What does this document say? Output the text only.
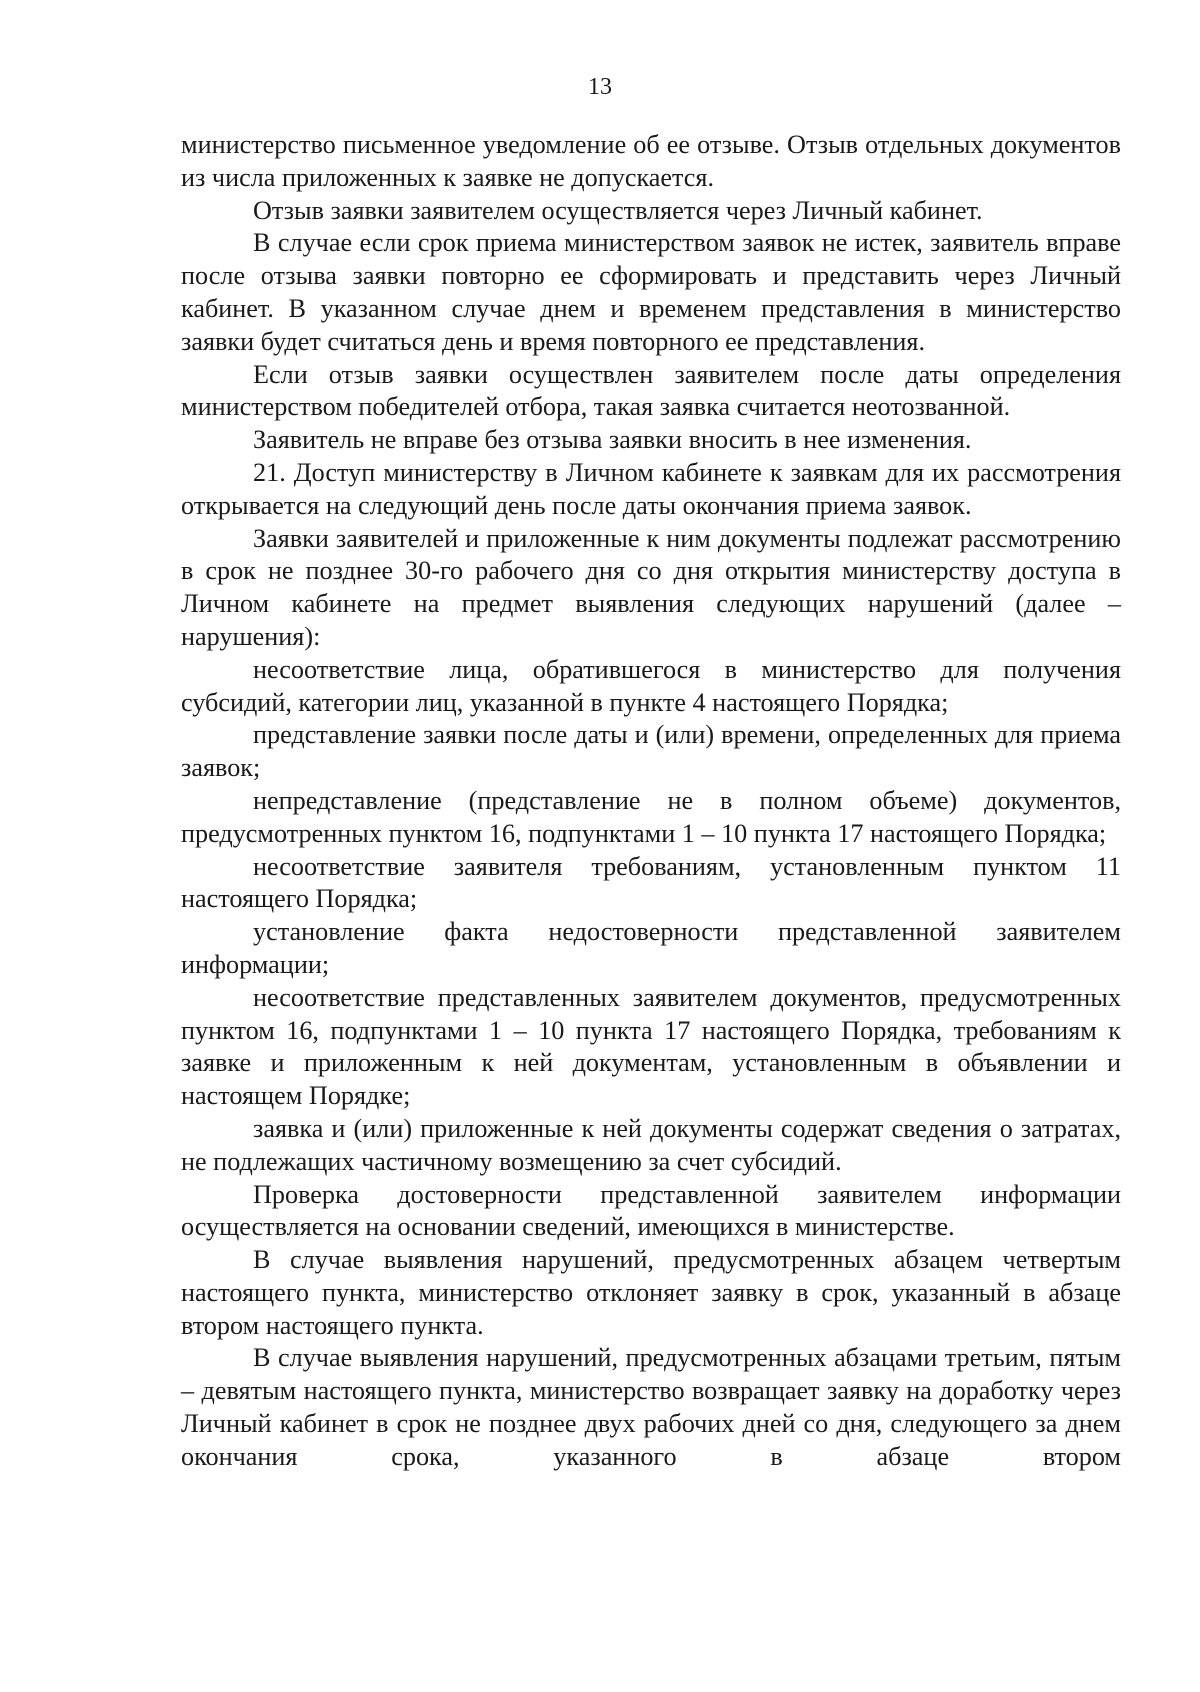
13

министерство письменное уведомление об ее отзыве. Отзыв отдельных документов из числа приложенных к заявке не допускается.

Отзыв заявки заявителем осуществляется через Личный кабинет.

В случае если срок приема министерством заявок не истек, заявитель вправе после отзыва заявки повторно ее сформировать и представить через Личный кабинет. В указанном случае днем и временем представления в министерство заявки будет считаться день и время повторного ее представления.

Если отзыв заявки осуществлен заявителем после даты определения министерством победителей отбора, такая заявка считается неотозванной.

Заявитель не вправе без отзыва заявки вносить в нее изменения.

21. Доступ министерству в Личном кабинете к заявкам для их рассмотрения открывается на следующий день после даты окончания приема заявок.

Заявки заявителей и приложенные к ним документы подлежат рассмотрению в срок не позднее 30-го рабочего дня со дня открытия министерству доступа в Личном кабинете на предмет выявления следующих нарушений (далее – нарушения):

несоответствие лица, обратившегося в министерство для получения субсидий, категории лиц, указанной в пункте 4 настоящего Порядка;

представление заявки после даты и (или) времени, определенных для приема заявок;

непредставление (представление не в полном объеме) документов, предусмотренных пунктом 16, подпунктами 1 – 10 пункта 17 настоящего Порядка;

несоответствие заявителя требованиям, установленным пунктом 11 настоящего Порядка;

установление факта недостоверности представленной заявителем информации;

несоответствие представленных заявителем документов, предусмотренных пунктом 16, подпунктами 1 – 10 пункта 17 настоящего Порядка, требованиям к заявке и приложенным к ней документам, установленным в объявлении и настоящем Порядке;

заявка и (или) приложенные к ней документы содержат сведения о затратах, не подлежащих частичному возмещению за счет субсидий.

Проверка достоверности представленной заявителем информации осуществляется на основании сведений, имеющихся в министерстве.

В случае выявления нарушений, предусмотренных абзацем четвертым настоящего пункта, министерство отклоняет заявку в срок, указанный в абзаце втором настоящего пункта.

В случае выявления нарушений, предусмотренных абзацами третьим, пятым – девятым настоящего пункта, министерство возвращает заявку на доработку через Личный кабинет в срок не позднее двух рабочих дней со дня, следующего за днем окончания срока, указанного в абзаце втором
